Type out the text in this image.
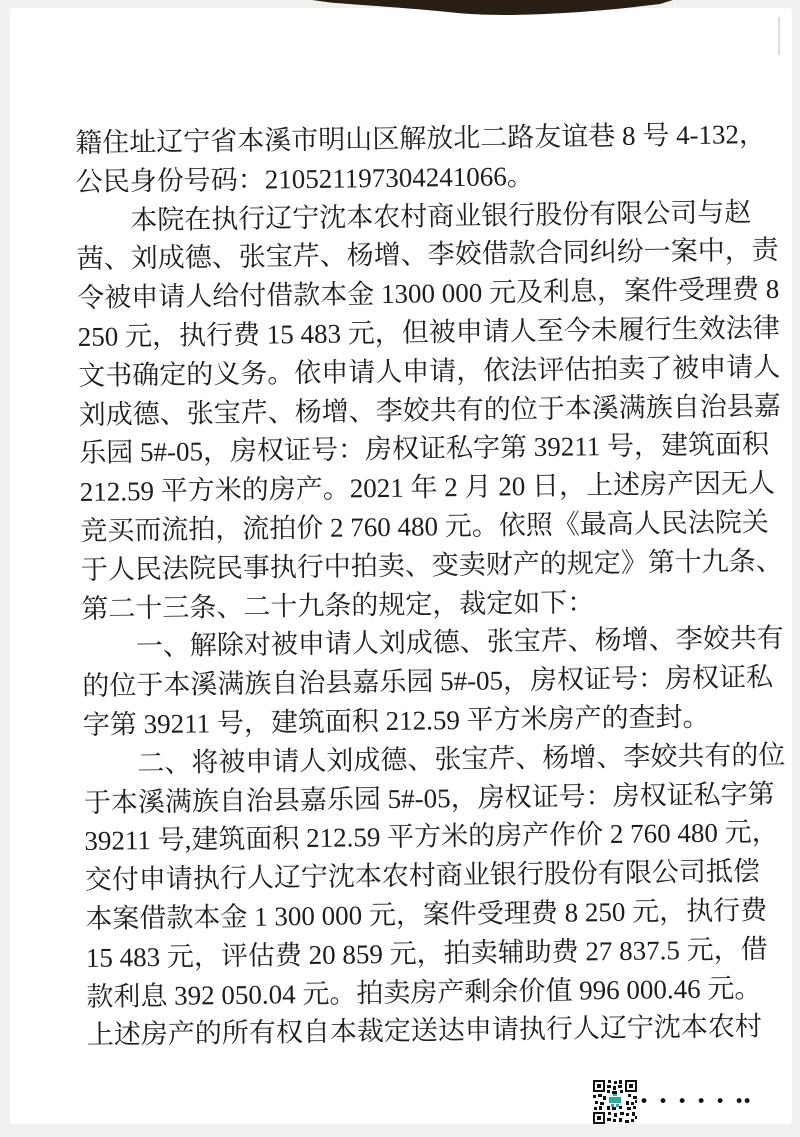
籍住址辽宁省本溪市明山区解放北二路友谊巷 8 号 4-132，
公民身份号码：210521197304241066。
本院在执行辽宁沈本农村商业银行股份有限公司与赵
茜、刘成德、张宝芹、杨增、李姣借款合同纠纷一案中，责
令被申请人给付借款本金 1300 000 元及利息，案件受理费 8
250 元，执行费 15 483 元，但被申请人至今未履行生效法律
文书确定的义务。依申请人申请，依法评估拍卖了被申请人
刘成德、张宝芹、杨增、李姣共有的位于本溪满族自治县嘉
乐园 5#-05，房权证号：房权证私字第 39211 号，建筑面积
212.59 平方米的房产。2021 年 2 月 20 日，上述房产因无人
竞买而流拍，流拍价 2 760 480 元。依照《最高人民法院关
于人民法院民事执行中拍卖、变卖财产的规定》第十九条、
第二十三条、二十九条的规定，裁定如下：
一、解除对被申请人刘成德、张宝芹、杨增、李姣共有
的位于本溪满族自治县嘉乐园 5#-05，房权证号：房权证私
字第 39211 号，建筑面积 212.59 平方米房产的查封。
二、将被申请人刘成德、张宝芹、杨增、李姣共有的位
于本溪满族自治县嘉乐园 5#-05，房权证号：房权证私字第
39211 号,建筑面积 212.59 平方米的房产作价 2 760 480 元，
交付申请执行人辽宁沈本农村商业银行股份有限公司抵偿
本案借款本金 1 300 000 元，案件受理费 8 250 元，执行费
15 483 元，评估费 20 859 元，拍卖辅助费 27 837.5 元，借
款利息 392 050.04 元。拍卖房产剩余价值 996 000.46 元。
上述房产的所有权自本裁定送达申请执行人辽宁沈本农村
• • • • • ••
